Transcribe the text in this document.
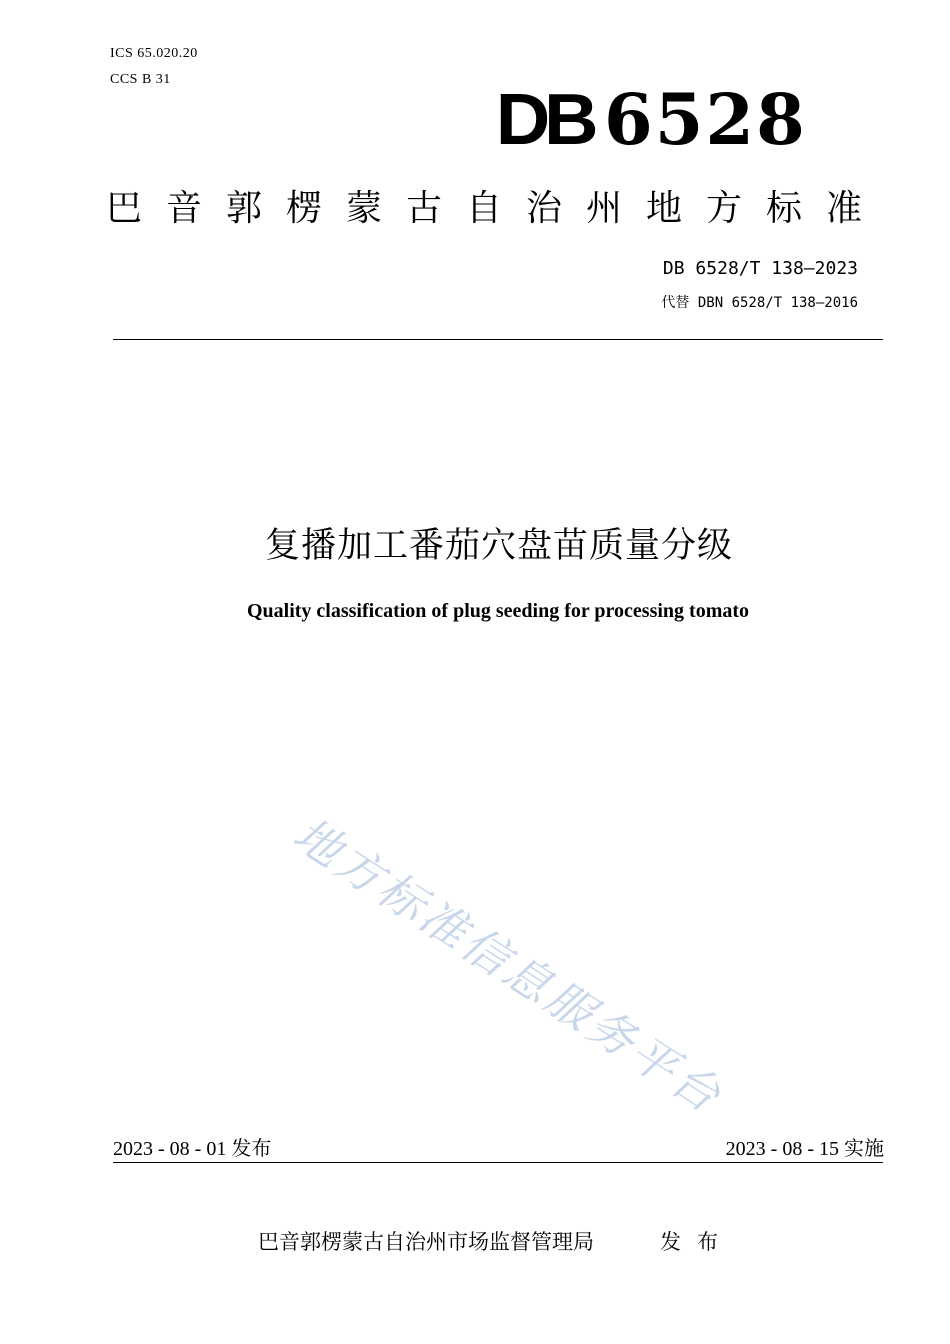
ICS 65.020.20
CCS B 31
DB 6528
巴音郭楞蒙古自治州地方标准
DB 6528/T 138—2023
代替 DBN 6528/T 138—2016
复播加工番茄穴盘苗质量分级
Quality classification of plug seeding for processing tomato
地方标准信息服务平台
2023 - 08 - 01 发布	2023 - 08 - 15 实施
巴音郭楞蒙古自治州市场监督管理局	发布
